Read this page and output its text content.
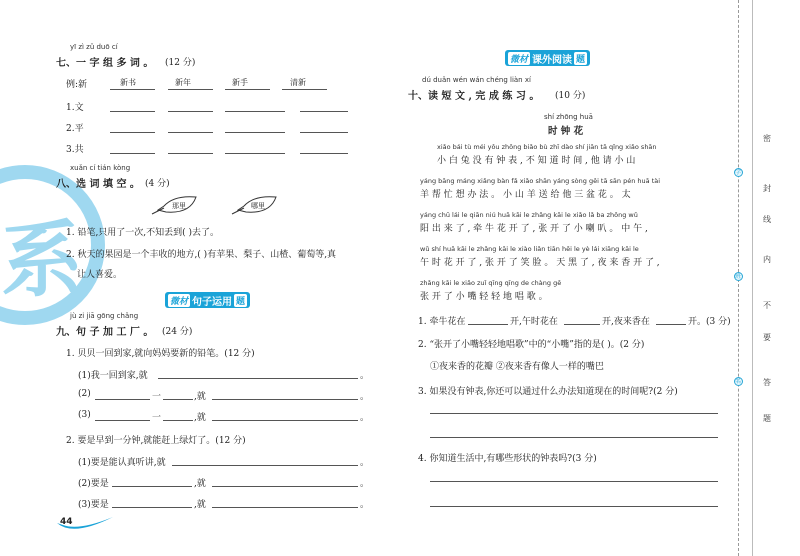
系
yī zì zǔ duō cí
七、一 字 组 多 词 。 (12 分)
例:新	新书	新年	新手	清新
1.文
2.平
3.共
xuǎn cí tián kòng
八、选 词 填 空 。 (4 分)
那里	哪里
1. 铅笔,只用了一次,不知丢到( )去了。
2. 秋天的果园是一个丰收的地方,( )有苹果、梨子、山楂、葡萄等,真
让人喜爱。
微材 句子运用 题
jù zi jiā gōng chǎng
九、句 子 加 工 厂 。 (24 分)
1. 贝贝一回到家,就向妈妈要新的铅笔。(12 分)
(1)我一回到家,就	。
(2)	一	,就	。
(3)	一	,就	。
2. 要是早到一分钟,就能赶上绿灯了。(12 分)
(1)要是能认真听讲,就	。
(2)要是	,就	。
(3)要是	,就	。
44
微材 课外阅读 题
dú duǎn wén wán chéng liàn xí
十、读 短 文 , 完 成 练 习 。 (10 分)
shí zhōng huā
时 钟 花
xiǎo bái tù méi yǒu zhōng biǎo bù zhī dào shí jiān tā qǐng xiǎo shān
小 白 兔 没 有 钟 表 , 不 知 道 时 间 , 他 请 小 山
yáng bāng máng xiǎng bàn fǎ xiǎo shān yáng sòng gěi tā sān pén huā tài
羊 帮 忙 想 办 法 。 小 山 羊 送 给 他 三 盆 花 。 太
yáng chū lái le qiān niú huā kāi le zhǎng kāi le xiǎo lǎ ba zhōng wǔ
阳 出 来 了 , 牵 牛 花 开 了 , 张 开 了 小 喇 叭 。 中 午 ,
wǔ shí huā kāi le zhǎng kāi le xiào liǎn tiān hēi le yè lái xiāng kāi le
午 时 花 开 了 , 张 开 了 笑 脸 。 天 黑 了 , 夜 来 香 开 了 ,
zhǎng kāi le xiǎo zuǐ qīng qīng de chàng gē
张 开 了 小 嘴 轻 轻 地 唱 歌 。
1. 牵牛花在	开,午时花在	开,夜来香在	开。(3 分)
2. “张开了小嘴轻轻地唱歌”中的“小嘴”指的是( )。(2 分)
①夜来香的花瓣 ②夜来香有像人一样的嘴巴
3. 如果没有钟表,你还可以通过什么办法知道现在的时间呢?(2 分)
4. 你知道生活中,有哪些形状的钟表吗?(3 分)
学
班
名
密
封
线
内
不
要
答
题
